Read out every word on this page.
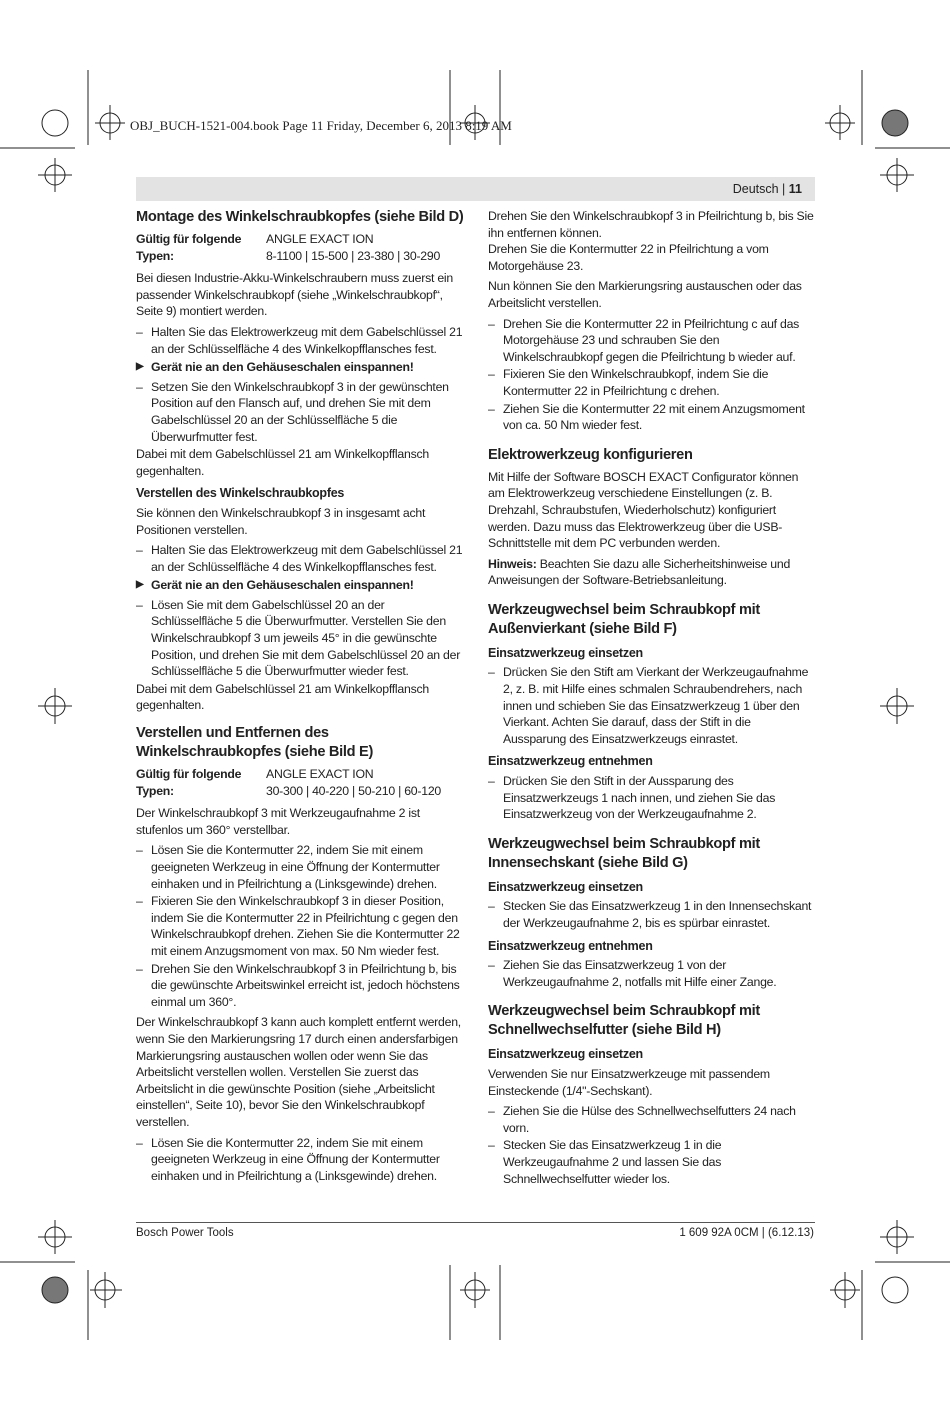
OBJ_BUCH-1521-004.book Page 11 Friday, December 6, 2013 8:19 AM
Deutsch | 11
Montage des Winkelschraubkopfes (siehe Bild D)
Gültig für folgende Typen:
ANGLE EXACT ION
8-1100 | 15-500 | 23-380 | 30-290

Bei diesen Industrie-Akku-Winkelschraubern muss zuerst ein passender Winkelschraubkopf (siehe „Winkelschraubkopf“, Seite 9) montiert werden.

– Halten Sie das Elektrowerkzeug mit dem Gabelschlüssel 21 an der Schlüsselfläche 4 des Winkelkopfflansches fest.
▶ Gerät nie an den Gehäuseschalen einspannen!
– Setzen Sie den Winkelschraubkopf 3 in der gewünschten Position auf den Flansch auf, und drehen Sie mit dem Gabelschlüssel 20 an der Schlüsselfläche 5 die Überwurfmutter fest.

Dabei mit dem Gabelschlüssel 21 am Winkelkopfflansch gegenhalten.

Verstellen des Winkelschraubkopfes

Sie können den Winkelschraubkopf 3 in insgesamt acht Positionen verstellen.

– Halten Sie das Elektrowerkzeug mit dem Gabelschlüssel 21 an der Schlüsselfläche 4 des Winkelkopfflansches fest.
▶ Gerät nie an den Gehäuseschalen einspannen!
– Lösen Sie mit dem Gabelschlüssel 20 an der Schlüsselfläche 5 die Überwurfmutter. Verstellen Sie den Winkelschraubkopf 3 um jeweils 45° in die gewünschte Position, und drehen Sie mit dem Gabelschlüssel 20 an der Schlüsselfläche 5 die Überwurfmutter wieder fest.

Dabei mit dem Gabelschlüssel 21 am Winkelkopfflansch gegenhalten.

Verstellen und Entfernen des Winkelschraubkopfes (siehe Bild E)
Gültig für folgende Typen:
ANGLE EXACT ION
30-300 | 40-220 | 50-210 | 60-120

Der Winkelschraubkopf 3 mit Werkzeugaufnahme 2 ist stufenlos um 360° verstellbar.

– Lösen Sie die Kontermutter 22, indem Sie mit einem geeigneten Werkzeug in eine Öffnung der Kontermutter einhaken und in Pfeilrichtung a (Linksgewinde) drehen.
– Fixieren Sie den Winkelschraubkopf 3 in dieser Position, indem Sie die Kontermutter 22 in Pfeilrichtung c gegen den Winkelschraubkopf drehen. Ziehen Sie die Kontermutter 22 mit einem Anzugsmoment von max. 50 Nm wieder fest.
– Drehen Sie den Winkelschraubkopf 3 in Pfeilrichtung b, bis die gewünschte Arbeitswinkel erreicht ist, jedoch höchstens einmal um 360°.

Der Winkelschraubkopf 3 kann auch komplett entfernt werden, wenn Sie den Markierungsring 17 durch einen andersfarbigen Markierungsring austauschen wollen oder wenn Sie das Arbeitslicht verstellen wollen. Verstellen Sie zuerst das Arbeitslicht in die gewünschte Position (siehe „Arbeitslicht einstellen“, Seite 10), bevor Sie den Winkelschraubkopf verstellen.

– Lösen Sie die Kontermutter 22, indem Sie mit einem geeigneten Werkzeug in eine Öffnung der Kontermutter einhaken und in Pfeilrichtung a (Linksgewinde) drehen.

Drehen Sie den Winkelschraubkopf 3 in Pfeilrichtung b, bis Sie ihn entfernen können.

Drehen Sie die Kontermutter 22 in Pfeilrichtung a vom Motorgehäuse 23.

Nun können Sie den Markierungsring austauschen oder das Arbeitslicht verstellen.

– Drehen Sie die Kontermutter 22 in Pfeilrichtung c auf das Motorgehäuse 23 und schrauben Sie den Winkelschraubkopf gegen die Pfeilrichtung b wieder auf.
– Fixieren Sie den Winkelschraubkopf, indem Sie die Kontermutter 22 in Pfeilrichtung c drehen.
– Ziehen Sie die Kontermutter 22 mit einem Anzugsmoment von ca. 50 Nm wieder fest.
Elektrowerkzeug konfigurieren

Mit Hilfe der Software BOSCH EXACT Configurator können am Elektrowerkzeug verschiedene Einstellungen (z. B. Drehzahl, Schraubstufen, Wiederholschutz) konfiguriert werden. Dazu muss das Elektrowerkzeug über die USB-Schnittstelle mit dem PC verbunden werden.

Hinweis: Beachten Sie dazu alle Sicherheitshinweise und Anweisungen der Software-Betriebsanleitung.

Werkzeugwechsel beim Schraubkopf mit Außenvierkant (siehe Bild F)
Einsatzwerkzeug einsetzen
– Drücken Sie den Stift am Vierkant der Werkzeugaufnahme 2, z. B. mit Hilfe eines schmalen Schraubendrehers, nach innen und schieben Sie das Einsatzwerkzeug 1 über den Vierkant. Achten Sie darauf, dass der Stift in die Aussparung des Einsatzwerkzeugs einrastet.
Einsatzwerkzeug entnehmen
– Drücken Sie den Stift in der Aussparung des Einsatzwerkzeugs 1 nach innen, und ziehen Sie das Einsatzwerkzeug von der Werkzeugaufnahme 2.
Werkzeugwechsel beim Schraubkopf mit Innensechskant (siehe Bild G)
Einsatzwerkzeug einsetzen
– Stecken Sie das Einsatzwerkzeug 1 in den Innensechskant der Werkzeugaufnahme 2, bis es spürbar einrastet.
Einsatzwerkzeug entnehmen
– Ziehen Sie das Einsatzwerkzeug 1 von der Werkzeugaufnahme 2, notfalls mit Hilfe einer Zange.
Werkzeugwechsel beim Schraubkopf mit Schnellwechselfutter (siehe Bild H)
Einsatzwerkzeug einsetzen

Verwenden Sie nur Einsatzwerkzeuge mit passendem Einsteckende (1/4"-Sechskant).

– Ziehen Sie die Hülse des Schnellwechselfutters 24 nach vorn.
– Stecken Sie das Einsatzwerkzeug 1 in die Werkzeugaufnahme 2 und lassen Sie das Schnellwechselfutter wieder los.
Bosch Power Tools	1 609 92A 0CM | (6.12.13)
